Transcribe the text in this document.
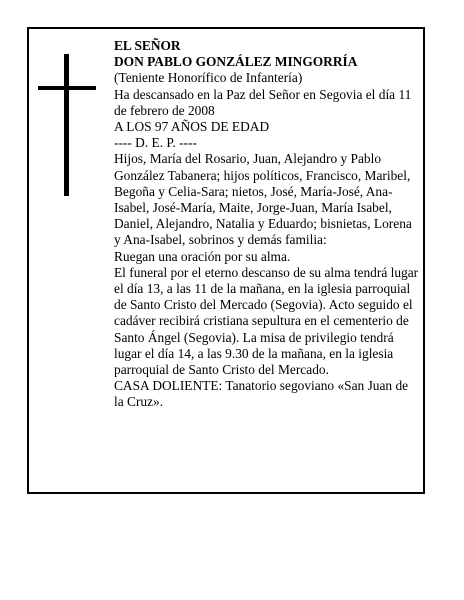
EL SEÑOR

DON PABLO GONZÁLEZ MINGORRÍA

(Teniente Honorífico de Infantería)

Ha descansado en la Paz del Señor en Segovia el día 11 de febrero de 2008

A LOS 97 AÑOS DE EDAD

---- D. E. P. ----

Hijos, María del Rosario, Juan, Alejandro y Pablo González Tabanera; hijos políticos, Francisco, Maribel, Begoña y Celia-Sara; nietos, José, María-José, Ana-Isabel, José-María, Maite, Jorge-Juan, María Isabel, Daniel, Alejandro, Natalia y Eduardo; bisnietas, Lorena y Ana-Isabel, sobrinos y demás familia:

Ruegan una oración por su alma.

El funeral por el eterno descanso de su alma tendrá lugar el día 13, a las 11 de la mañana, en la iglesia parroquial de Santo Cristo del Mercado (Segovia). Acto seguido el cadáver recibirá cristiana sepultura en el cementerio de Santo Ángel (Segovia). La misa de privilegio tendrá lugar el día 14, a las 9.30 de la mañana, en la iglesia parroquial de Santo Cristo del Mercado.

CASA DOLIENTE: Tanatorio segoviano «San Juan de la Cruz».
